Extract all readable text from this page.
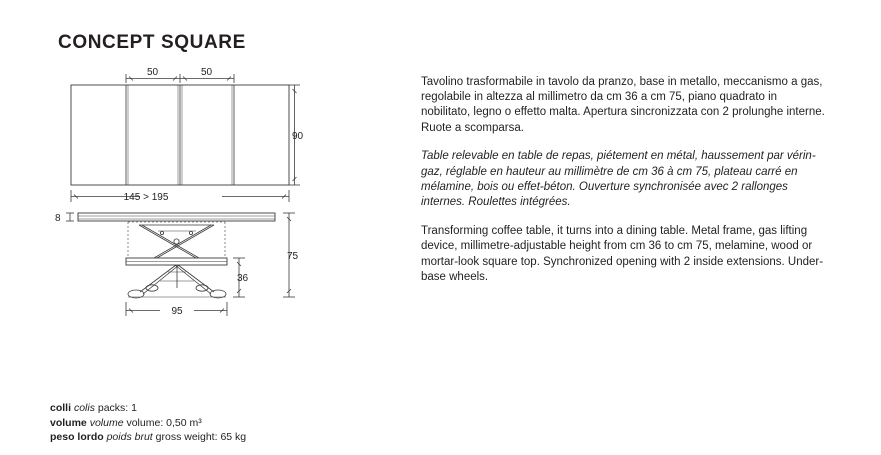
CONCEPT SQUARE
50	50
90
145 > 195
8
75
36
95

Tavolino trasformabile in tavolo da pranzo, base in metallo, meccanismo a gas, regolabile in altezza al millimetro da cm 36 a cm 75, piano quadrato in nobilitato, legno o effetto malta. Apertura sincronizzata con 2 prolunghe interne. Ruote a scomparsa.

Table relevable en table de repas, piétement en métal, haussement par vérin-gaz, réglable en hauteur au millimètre de cm 36 à cm 75, plateau carré en mélamine, bois ou effet-béton. Ouverture synchronisée avec 2 rallonges internes. Roulettes intégrées.

Transforming coffee table, it turns into a dining table. Metal frame, gas lifting device, millimetre-adjustable height from cm 36 to cm 75, melamine, wood or mortar-look square top. Synchronized opening with 2 inside extensions. Under-base wheels.

colli colis packs: 1
volume volume volume: 0,50 m³
peso lordo poids brut gross weight: 65 kg
